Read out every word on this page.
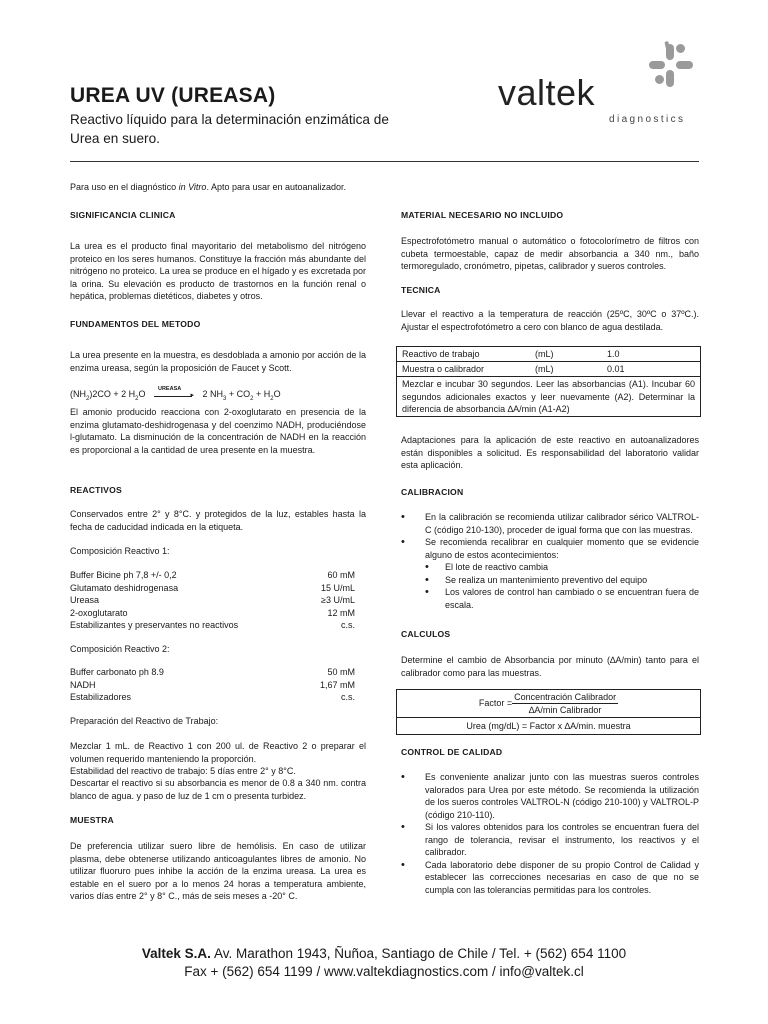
UREA UV (UREASA)

Reactivo líquido para la determinación enzimática de Urea en suero.

valtek
diagnostics

Para uso en el diagnóstico in Vitro. Apto para usar en autoanalizador.

SIGNIFICANCIA CLINICA

La urea es el producto final mayoritario del metabolismo del nitrógeno proteico en los seres humanos. Constituye la fracción más abundante del nitrógeno no proteico. La urea se produce en el hígado y es excretada por la orina. Su elevación es producto de trastornos en la función renal o hepática, problemas dietéticos, diabetes y otros.

FUNDAMENTOS DEL METODO

La urea presente en la muestra, es desdoblada a amonio por acción de la enzima ureasa, según la proposición de Faucet y Scott.

$(NH_2)2CO + 2$ $H_2O$
UREASA
▸ 2 $NH_3 + CO_2 + H_2O$

El amonio producido reacciona con 2-oxoglutarato en presencia de la enzima glutamato-deshidrogenasa y del coenzimo NADH, produciéndose l-glutamato. La disminución de la concentración de NADH en la reacción es proporcional a la cantidad de urea presente en la muestra.

REACTIVOS

Conservados entre 2° y 8°C. y protegidos de la luz, estables hasta la fecha de caducidad indicada en la etiqueta.

Composición Reactivo 1:

Buffer Bicine ph 7,8 +/- 0,2	60 mM
Glutamato deshidrogenasa	15 U/mL
Ureasa	≥3 U/mL
2-oxoglutarato	12 mM
Estabilizantes y preservantes no reactivos	c.s.

Composición Reactivo 2:

Buffer carbonato ph 8.9	50 mM
NADH	1,67 mM
Estabilizadores	c.s.

Preparación del Reactivo de Trabajo:

Mezclar 1 mL. de Reactivo 1 con 200 ul. de Reactivo 2 o preparar el volumen requerido manteniendo la proporción.

Estabilidad del reactivo de trabajo: 5 días entre 2° y 8°C.

Descartar el reactivo si su absorbancia es menor de 0.8 a 340 nm. contra blanco de agua. y paso de luz de 1 cm o presenta turbidez.

MUESTRA

De preferencia utilizar suero libre de hemólisis. En caso de utilizar plasma, debe obtenerse utilizando anticoagulantes libres de amonio. No utilizar fluoruro pues inhibe la acción de la enzima ureasa. La urea es estable en el suero por a lo menos 24 horas a temperatura ambiente, varios días entre 2° y 8° C., más de seis meses a -20° C.

MATERIAL NECESARIO NO INCLUIDO

Espectrofotómetro manual o automático o fotocolorímetro de filtros con cubeta termoestable, capaz de medir absorbancia a 340 nm., baño termoregulado, cronómetro, pipetas, calibrador y sueros controles.

TECNICA

Llevar el reactivo a la temperatura de reacción (25ºC, 30ºC o 37ºC.). Ajustar el espectrofotómetro a cero con blanco de agua destilada.

Reactivo de trabajo	(mL)	1.0
Muestra o calibrador	(mL)	0.01
Mezclar e incubar 30 segundos. Leer las absorbancias (A1). Incubar 60 segundos adicionales exactos y leer nuevamente (A2). Determinar la diferencia de absorbancia ∆A/min (A1-A2)

Adaptaciones para la aplicación de este reactivo en autoanalizadores están disponibles a solicitud. Es responsabilidad del laboratorio validar esta aplicación.

CALIBRACION

• En la calibración se recomienda utilizar calibrador sérico VALTROL-C (código 210-130), proceder de igual forma que con las muestras.
• Se recomienda recalibrar en cualquier momento que se evidencie alguno de estos acontecimientos:
• El lote de reactivo cambia
• Se realiza un mantenimiento preventivo del equipo
• Los valores de control han cambiado o se encuentran fuera de escala.

CALCULOS

Determine el cambio de Absorbancia por minuto (∆A/min) tanto para el calibrador como para las muestras.

Factor =
Concentración Calibrador
∆A/min Calibrador
Urea (mg/dL) = Factor x ∆A/min. muestra

CONTROL DE CALIDAD

• Es conveniente analizar junto con las muestras sueros controles valorados para Urea por este método. Se recomienda la utilización de los sueros controles VALTROL-N (código 210-100) y VALTROL-P (código 210-110).
• Si los valores obtenidos para los controles se encuentran fuera del rango de tolerancia, revisar el instrumento, los reactivos y el calibrador.
• Cada laboratorio debe disponer de su propio Control de Calidad y establecer las correcciones necesarias en caso de que no se cumpla con las tolerancias permitidas para los controles.
Valtek S.A. Av. Marathon 1943, Ñuñoa, Santiago de Chile / Tel. + (562) 654 1100
Fax + (562) 654 1199 / www.valtekdiagnostics.com / info@valtek.cl
